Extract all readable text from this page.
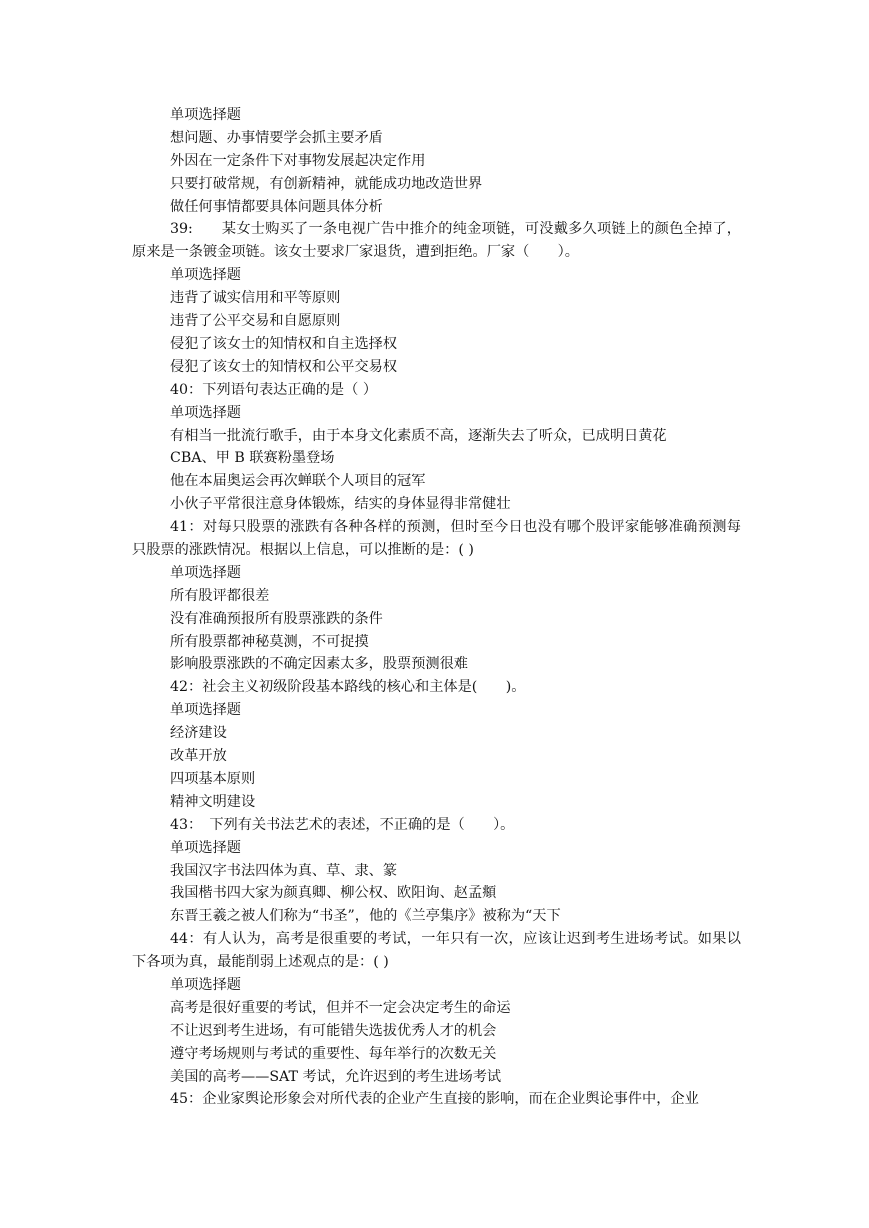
单项选择题
想问题、办事情要学会抓主要矛盾
外因在一定条件下对事物发展起决定作用
只要打破常规，有创新精神，就能成功地改造世界
做任何事情都要具体问题具体分析
39:　　某女士购买了一条电视广告中推介的纯金项链，可没戴多久项链上的颜色全掉了，原来是一条镀金项链。该女士要求厂家退货，遭到拒绝。厂家（　　）。
单项选择题
违背了诚实信用和平等原则
违背了公平交易和自愿原则
侵犯了该女士的知情权和自主选择权
侵犯了该女士的知情权和公平交易权
40：下列语句表达正确的是（ ）
单项选择题
有相当一批流行歌手，由于本身文化素质不高，逐渐失去了听众，已成明日黄花
CBA、甲 B 联赛粉墨登场
他在本届奥运会再次蝉联个人项目的冠军
小伙子平常很注意身体锻炼，结实的身体显得非常健壮
41：对每只股票的涨跌有各种各样的预测，但时至今日也没有哪个股评家能够准确预测每只股票的涨跌情况。根据以上信息，可以推断的是：( )
单项选择题
所有股评都很差
没有准确预报所有股票涨跌的条件
所有股票都神秘莫测，不可捉摸
影响股票涨跌的不确定因素太多，股票预测很难
42：社会主义初级阶段基本路线的核心和主体是(　　)。
单项选择题
经济建设
改革开放
四项基本原则
精神文明建设
43：　下列有关书法艺术的表述，不正确的是（　　）。
单项选择题
我国汉字书法四体为真、草、隶、篆
我国楷书四大家为颜真卿、柳公权、欧阳询、赵孟頫
东晋王羲之被人们称为“书圣”，他的《兰亭集序》被称为“天下
44：有人认为，高考是很重要的考试，一年只有一次，应该让迟到考生进场考试。如果以下各项为真，最能削弱上述观点的是：( )
单项选择题
高考是很好重要的考试，但并不一定会决定考生的命运
不让迟到考生进场，有可能错失选拔优秀人才的机会
遵守考场规则与考试的重要性、每年举行的次数无关
美国的高考——SAT 考试，允许迟到的考生进场考试
45：企业家舆论形象会对所代表的企业产生直接的影响，而在企业舆论事件中，企业
